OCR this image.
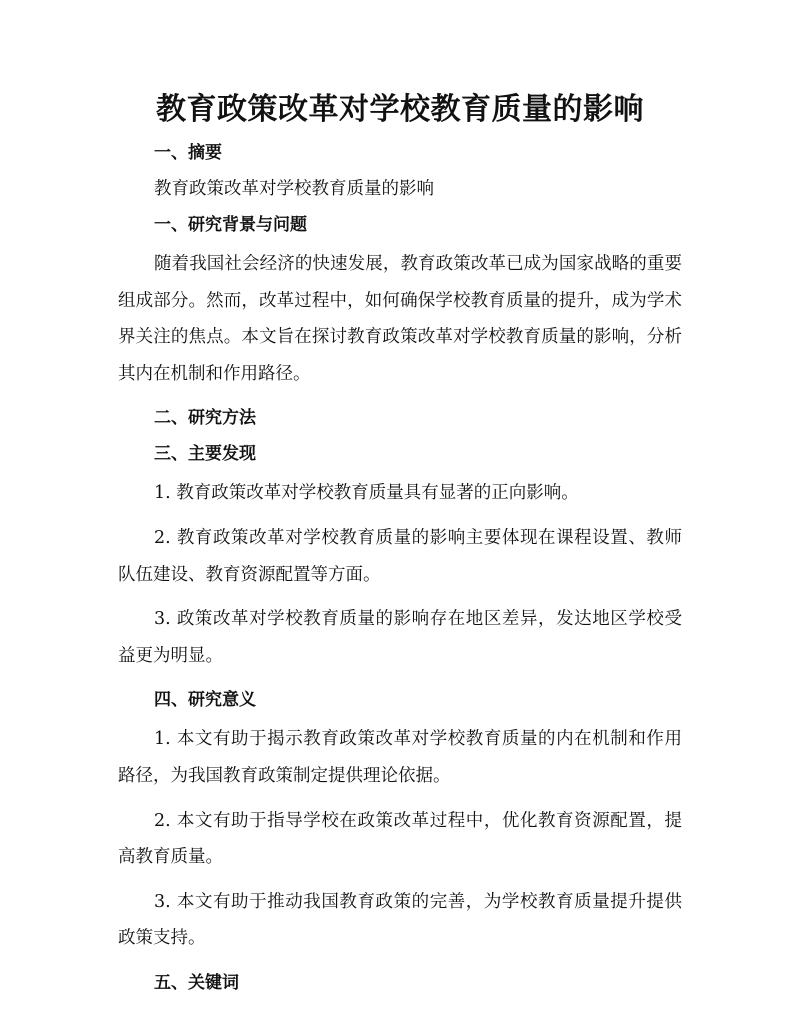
教育政策改革对学校教育质量的影响
一、摘要
教育政策改革对学校教育质量的影响
一、研究背景与问题

随着我国社会经济的快速发展，教育政策改革已成为国家战略的重要组成部分。然而，改革过程中，如何确保学校教育质量的提升，成为学术界关注的焦点。本文旨在探讨教育政策改革对学校教育质量的影响，分析其内在机制和作用路径。

二、研究方法
三、主要发现

1. 教育政策改革对学校教育质量具有显著的正向影响。

2. 教育政策改革对学校教育质量的影响主要体现在课程设置、教师队伍建设、教育资源配置等方面。

3. 政策改革对学校教育质量的影响存在地区差异，发达地区学校受益更为明显。

四、研究意义

1. 本文有助于揭示教育政策改革对学校教育质量的内在机制和作用路径，为我国教育政策制定提供理论依据。

2. 本文有助于指导学校在政策改革过程中，优化教育资源配置，提高教育质量。

3. 本文有助于推动我国教育政策的完善，为学校教育质量提升提供政策支持。

五、关键词
